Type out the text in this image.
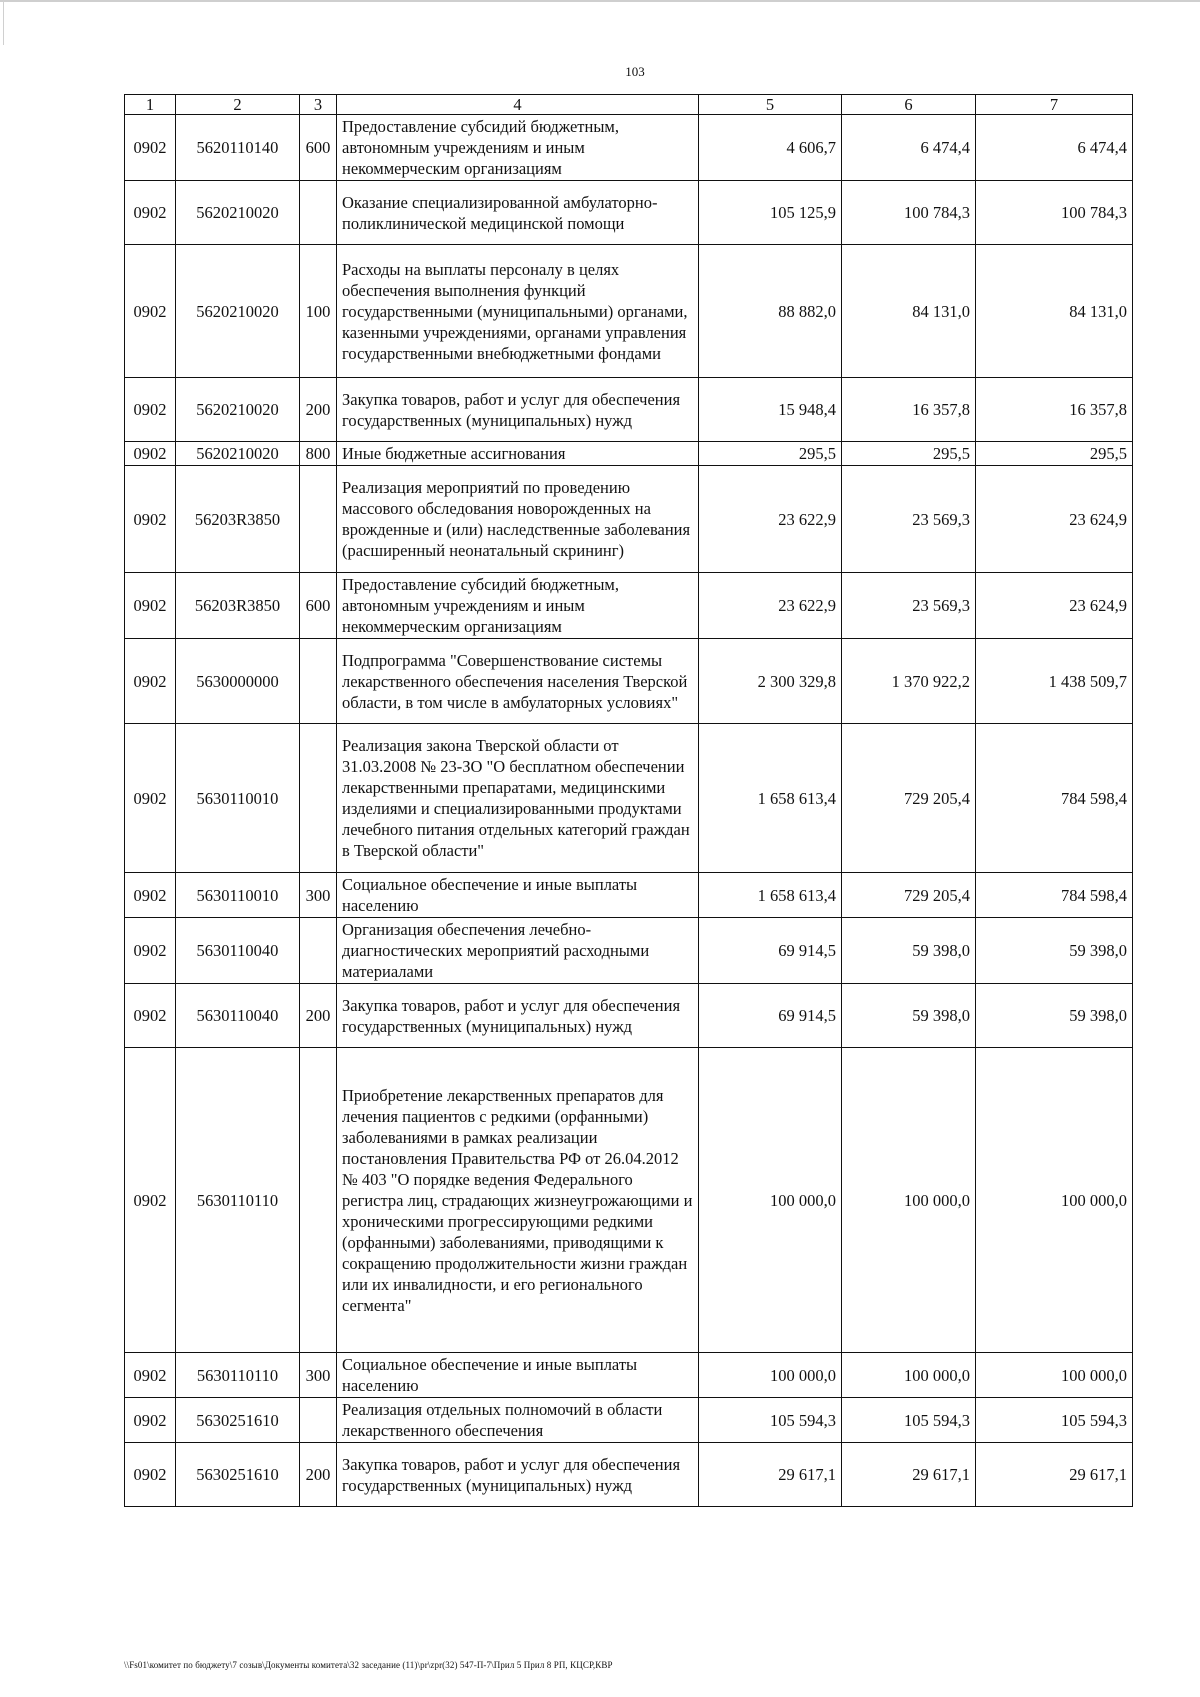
103
1	2	3	4	5	6	7
0902	5620110140	600	Предоставление субсидий бюджетным, автономным учреждениям и иным некоммерческим организациям	4 606,7	6 474,4	6 474,4
0902	5620210020		Оказание специализированной амбулаторно-поликлинической медицинской помощи	105 125,9	100 784,3	100 784,3
0902	5620210020	100	Расходы на выплаты персоналу в целях обеспечения выполнения функций государственными (муниципальными) органами, казенными учреждениями, органами управления государственными внебюджетными фондами	88 882,0	84 131,0	84 131,0
0902	5620210020	200	Закупка товаров, работ и услуг для обеспечения государственных (муниципальных) нужд	15 948,4	16 357,8	16 357,8
0902	5620210020	800	Иные бюджетные ассигнования	295,5	295,5	295,5
0902	56203R3850		Реализация мероприятий по проведению массового обследования новорожденных на врожденные и (или) наследственные заболевания (расширенный неонатальный скрининг)	23 622,9	23 569,3	23 624,9
0902	56203R3850	600	Предоставление субсидий бюджетным, автономным учреждениям и иным некоммерческим организациям	23 622,9	23 569,3	23 624,9
0902	5630000000		Подпрограмма "Совершенствование системы лекарственного обеспечения населения Тверской области, в том числе в амбулаторных условиях"	2 300 329,8	1 370 922,2	1 438 509,7
0902	5630110010		Реализация закона Тверской области от 31.03.2008 № 23-ЗО "О бесплатном обеспечении лекарственными препаратами, медицинскими изделиями и специализированными продуктами лечебного питания отдельных категорий граждан в Тверской области"	1 658 613,4	729 205,4	784 598,4
0902	5630110010	300	Социальное обеспечение и иные выплаты населению	1 658 613,4	729 205,4	784 598,4
0902	5630110040		Организация обеспечения лечебно-диагностических мероприятий расходными материалами	69 914,5	59 398,0	59 398,0
0902	5630110040	200	Закупка товаров, работ и услуг для обеспечения государственных (муниципальных) нужд	69 914,5	59 398,0	59 398,0
0902	5630110110		Приобретение лекарственных препаратов для лечения пациентов с редкими (орфанными) заболеваниями в рамках реализации постановления Правительства РФ от 26.04.2012 № 403 "О порядке ведения Федерального регистра лиц, страдающих жизнеугрожающими и хроническими прогрессирующими редкими (орфанными) заболеваниями, приводящими к сокращению продолжительности жизни граждан или их инвалидности, и его регионального сегмента"	100 000,0	100 000,0	100 000,0
0902	5630110110	300	Социальное обеспечение и иные выплаты населению	100 000,0	100 000,0	100 000,0
0902	5630251610		Реализация отдельных полномочий в области лекарственного обеспечения	105 594,3	105 594,3	105 594,3
0902	5630251610	200	Закупка товаров, работ и услуг для обеспечения государственных (муниципальных) нужд	29 617,1	29 617,1	29 617,1
\\Fs01\комитет по бюджету\7 созыв\Документы комитета\32 заседание (11)\pr\zpr(32) 547-П-7\Прил 5 Прил 8 РП, КЦСР,КВР
